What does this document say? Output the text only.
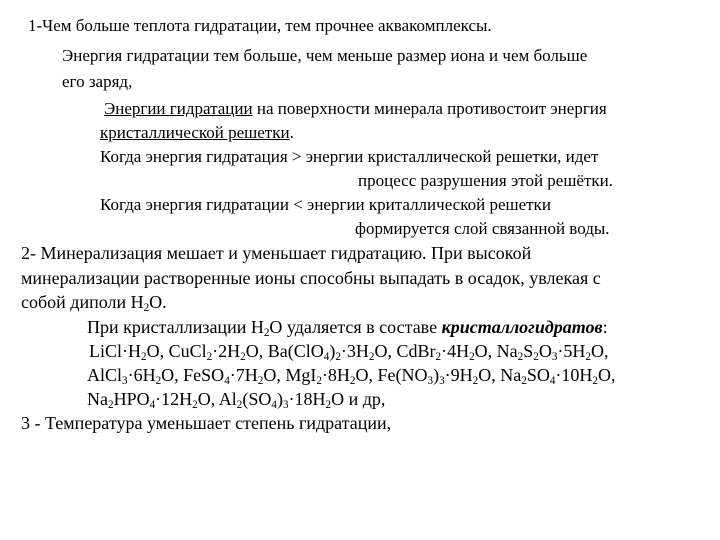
1-Чем больше теплота гидратации, тем прочнее аквакомплексы.
Энергия гидратации тем больше, чем меньше размер иона и чем больше
его заряд,
Энергии гидратации на поверхности минерала противостоит энергия
кристаллической решетки.
Когда энергия гидратация > энергии кристаллической решетки, идет
процесс разрушения этой решётки.
Когда энергия гидратации < энергии криталлической решетки
формируется слой связанной воды.
2- Минерализация мешает и уменьшает гидратацию. При высокой
минерализации растворенные ионы способны выпадать в осадок, увлекая с
собой диполи $H_2O$.
При кристаллизации $H_2O$ удаляется в составе кристаллогидратов:
$LiCl\cdot H_2O$, $CuCl_2\cdot 2H_2O$, $Ba(ClO_4)_2\cdot 3H_2O$, $CdBr_2\cdot 4H_2O$, $Na_2S_2O_3\cdot 5H_2O$,
$AlCl_3\cdot 6H_2O$, $FeSO_4\cdot 7H_2O$, $MgI_2\cdot 8H_2O$, $Fe(NO_3)_3\cdot 9H_2O$, $Na_2SO_4\cdot 10H_2O$,
$Na_2HPO_4\cdot 12H_2O$, $Al_2(SO_4)_3\cdot 18H_2O$ и др,
3 - Температура уменьшает степень гидратации,
